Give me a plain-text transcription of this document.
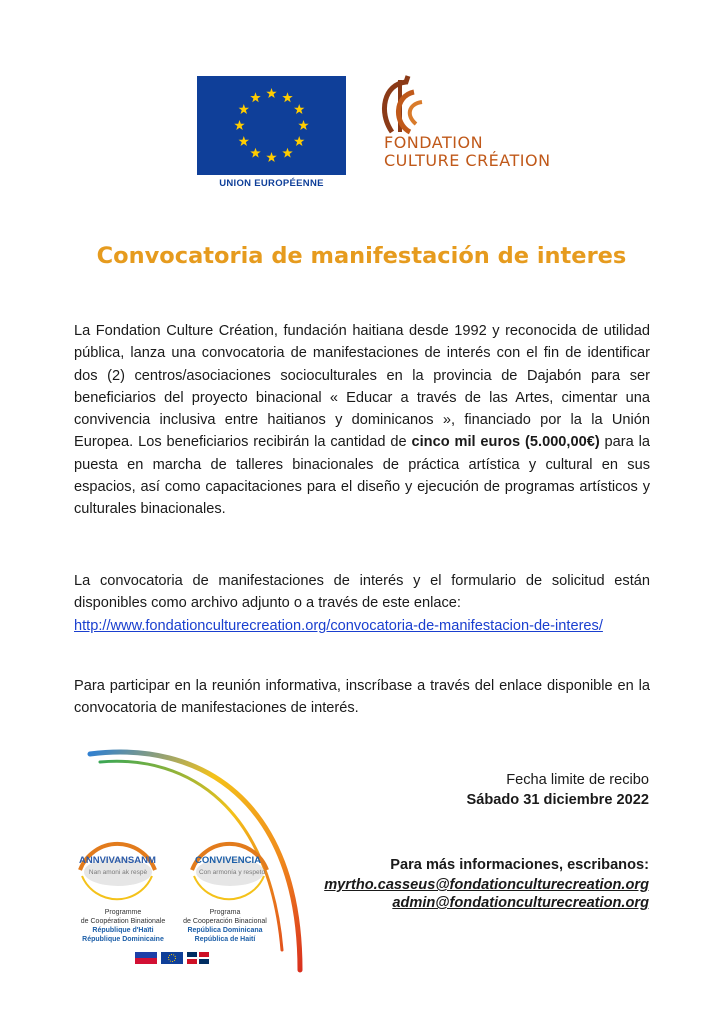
UNION EUROPÉENNE
FONDATION
CULTURE CRÉATION
Convocatoria de manifestación de interes
La Fondation Culture Création, fundación haitiana desde 1992 y reconocida de utilidad pública, lanza una convocatoria de manifestaciones de interés con el fin de identificar dos (2) centros/asociaciones socioculturales en la provincia de Dajabón para ser beneficiarios del proyecto binacional « Educar a través de las Artes, cimentar una convivencia inclusiva entre haitianos y dominicanos », financiado por la la Unión Europea. Los beneficiarios recibirán la cantidad de cinco mil euros (5.000,00€) para la puesta en marcha de talleres binacionales de práctica artística y cultural en sus espacios, así como capacitaciones para el diseño y ejecución de programas artísticos y culturales binacionales.
La convocatoria de manifestaciones de interés y el formulario de solicitud están disponibles como archivo adjunto o a través de este enlace:
http://www.fondationculturecreation.org/convocatoria-de-manifestacion-de-interes/
Para participar en la reunión informativa, inscríbase a través del enlace disponible en la convocatoria de manifestaciones de interés.
Fecha limite de recibo
Sábado 31 diciembre 2022
Para más informaciones, escribanos:
myrtho.casseus@fondationculturecreation.org
admin@fondationculturecreation.org
ANNVIVANSANM
Nan amoni ak respè
CONVIVENCIA
Con armonía y respeto
Programme
de Coopération Binationale
République d'Haïti
République Dominicaine
Programa
de Cooperación Binacional
República Dominicana
República de Haití
